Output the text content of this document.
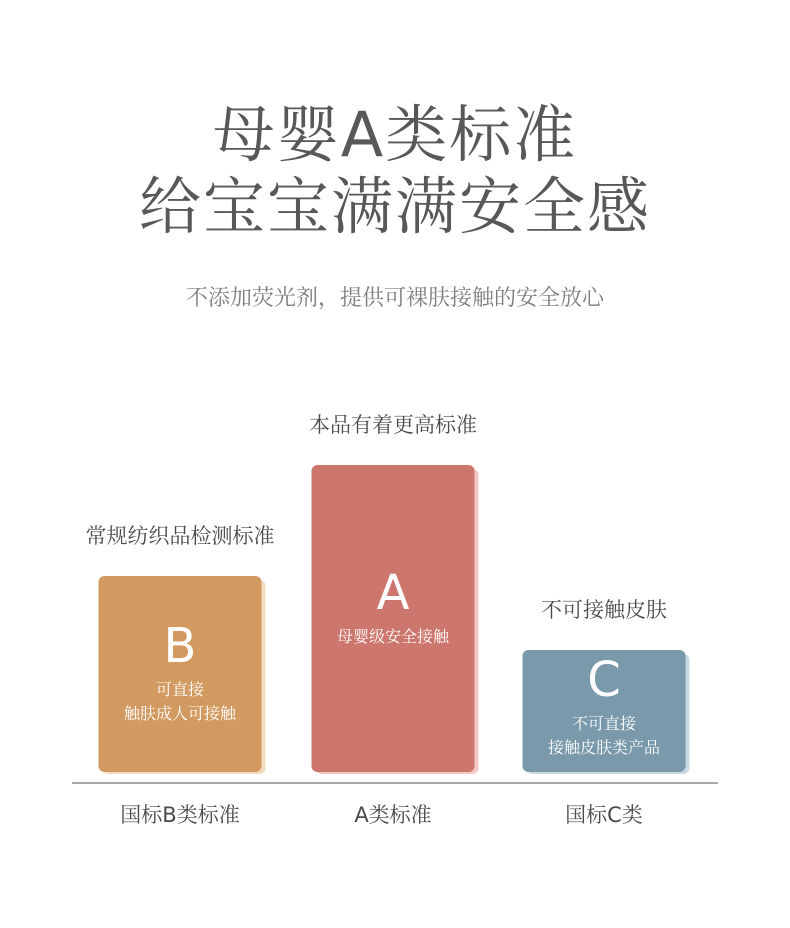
母婴A类标准
给宝宝满满安全感
不添加荧光剂，提供可裸肤接触的安全放心
常规纺织品检测标准
B
可直接
触肤成人可接触
国标B类标准
本品有着更高标准
A
母婴级安全接触
A类标准
不可接触皮肤
C
不可直接
接触皮肤类产品
国标C类
